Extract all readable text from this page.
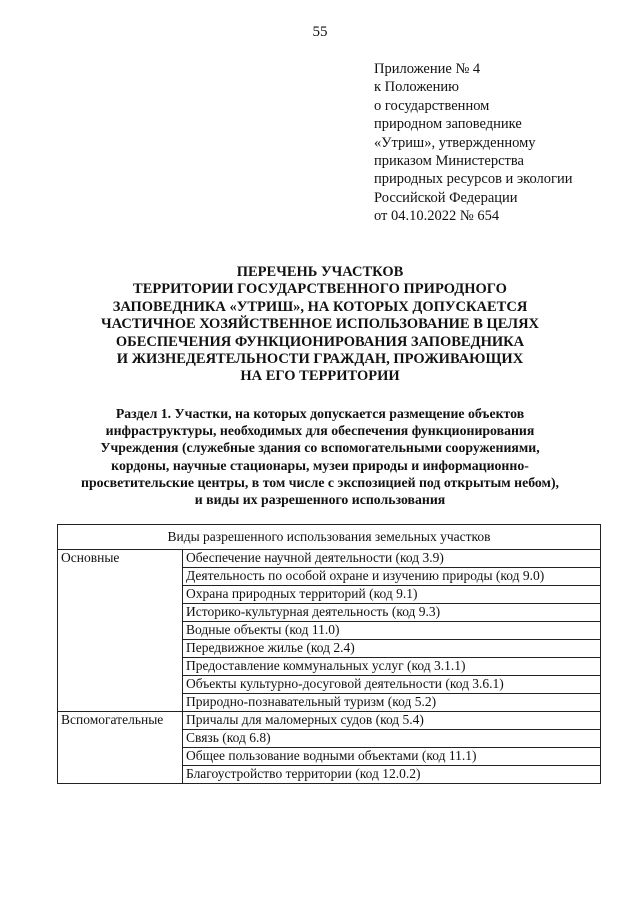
55
Приложение № 4
к Положению
о государственном
природном заповеднике
«Утриш», утвержденному
приказом Министерства
природных ресурсов и экологии
Российской Федерации
от 04.10.2022 № 654
ПЕРЕЧЕНЬ УЧАСТКОВ
ТЕРРИТОРИИ ГОСУДАРСТВЕННОГО ПРИРОДНОГО
ЗАПОВЕДНИКА «УТРИШ», НА КОТОРЫХ ДОПУСКАЕТСЯ
ЧАСТИЧНОЕ ХОЗЯЙСТВЕННОЕ ИСПОЛЬЗОВАНИЕ В ЦЕЛЯХ
ОБЕСПЕЧЕНИЯ ФУНКЦИОНИРОВАНИЯ ЗАПОВЕДНИКА
И ЖИЗНЕДЕЯТЕЛЬНОСТИ ГРАЖДАН, ПРОЖИВАЮЩИХ
НА ЕГО ТЕРРИТОРИИ
Раздел 1. Участки, на которых допускается размещение объектов
инфраструктуры, необходимых для обеспечения функционирования
Учреждения (служебные здания со вспомогательными сооружениями,
кордоны, научные стационары, музеи природы и информационно-
просветительские центры, в том числе с экспозицией под открытым небом),
и виды их разрешенного использования
Виды разрешенного использования земельных участков	
Основные	Обеспечение научной деятельности (код 3.9)
	Деятельность по особой охране и изучению природы (код 9.0)
	Охрана природных территорий (код 9.1)
	Историко-культурная деятельность (код 9.3)
	Водные объекты (код 11.0)
	Передвижное жилье (код 2.4)
	Предоставление коммунальных услуг (код 3.1.1)
	Объекты культурно-досуговой деятельности (код 3.6.1)
	Природно-познавательный туризм (код 5.2)
Вспомогательные	Причалы для маломерных судов (код 5.4)
	Связь (код 6.8)
	Общее пользование водными объектами (код 11.1)
	Благоустройство территории (код 12.0.2)
